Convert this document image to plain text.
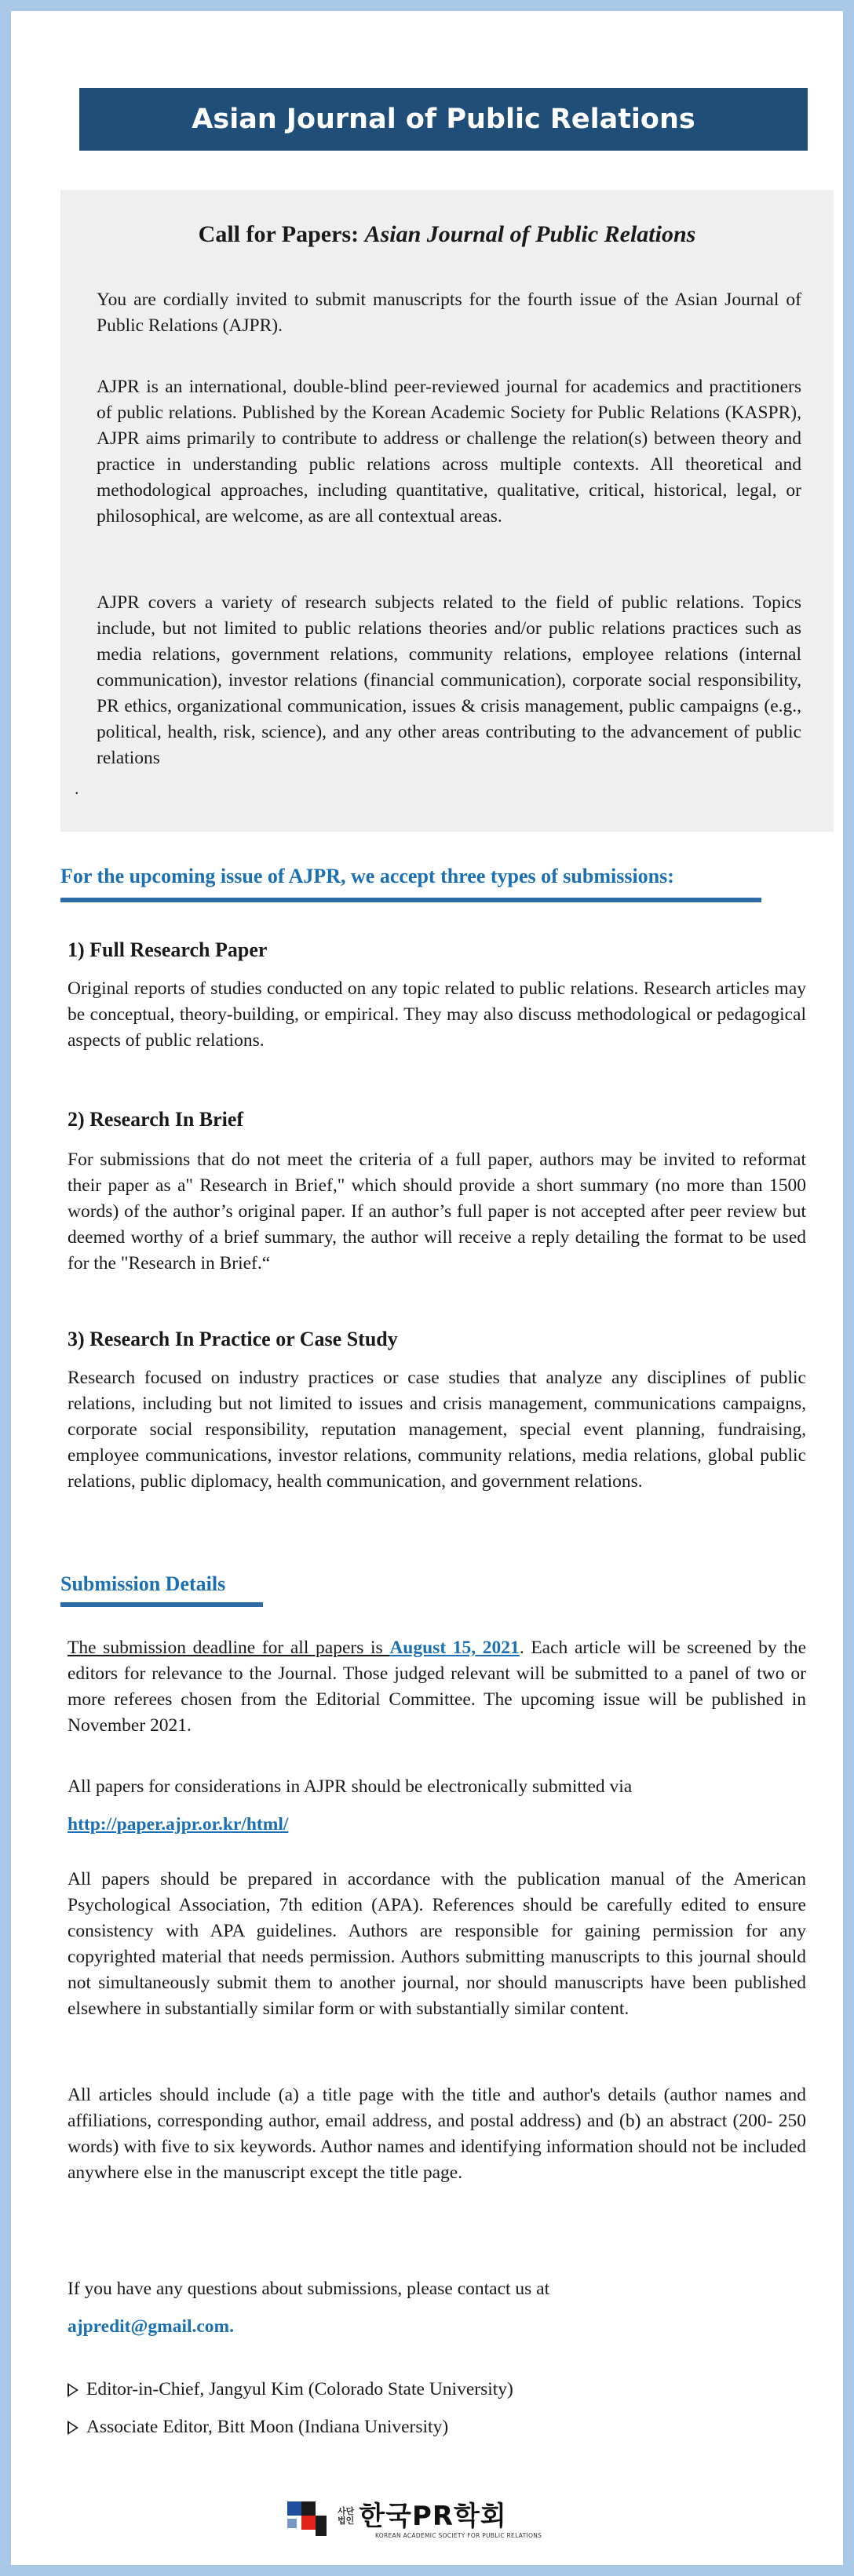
Asian Journal of Public Relations
Call for Papers: Asian Journal of Public Relations

You are cordially invited to submit manuscripts for the fourth issue of the Asian Journal of Public Relations (AJPR).

AJPR is an international, double-blind peer-reviewed journal for academics and practitioners of public relations. Published by the Korean Academic Society for Public Relations (KASPR), AJPR aims primarily to contribute to address or challenge the relation(s) between theory and practice in understanding public relations across multiple contexts. All theoretical and methodological approaches, including quantitative, qualitative, critical, historical, legal, or philosophical, are welcome, as are all contextual areas.

AJPR covers a variety of research subjects related to the field of public relations. Topics include, but not limited to public relations theories and/or public relations practices such as media relations, government relations, community relations, employee relations (internal communication), investor relations (financial communication), corporate social responsibility, PR ethics, organizational communication, issues & crisis management, public campaigns (e.g., political, health, risk, science), and any other areas contributing to the advancement of public relations

.
For the upcoming issue of AJPR, we accept three types of submissions:
1) Full Research Paper

Original reports of studies conducted on any topic related to public relations. Research articles may be conceptual, theory-building, or empirical. They may also discuss methodological or pedagogical aspects of public relations.

2) Research In Brief

For submissions that do not meet the criteria of a full paper, authors may be invited to reformat their paper as a" Research in Brief," which should provide a short summary (no more than 1500 words) of the author’s original paper. If an author’s full paper is not accepted after peer review but deemed worthy of a brief summary, the author will receive a reply detailing the format to be used for the "Research in Brief.“

3) Research In Practice or Case Study

Research focused on industry practices or case studies that analyze any disciplines of public relations, including but not limited to issues and crisis management, communications campaigns, corporate social responsibility, reputation management, special event planning, fundraising, employee communications, investor relations, community relations, media relations, global public relations, public diplomacy, health communication, and government relations.

Submission Details

The submission deadline for all papers is August 15, 2021. Each article will be screened by the editors for relevance to the Journal. Those judged relevant will be submitted to a panel of two or more referees chosen from the Editorial Committee. The upcoming issue will be published in November 2021.

All papers for considerations in AJPR should be electronically submitted via
http://paper.ajpr.or.kr/html/

All papers should be prepared in accordance with the publication manual of the American Psychological Association, 7th edition (APA). References should be carefully edited to ensure consistency with APA guidelines. Authors are responsible for gaining permission for any copyrighted material that needs permission. Authors submitting manuscripts to this journal should not simultaneously submit them to another journal, nor should manuscripts have been published elsewhere in substantially similar form or with substantially similar content.

All articles should include (a) a title page with the title and author's details (author names and affiliations, corresponding author, email address, and postal address) and (b) an abstract (200- 250 words) with five to six keywords. Author names and identifying information should not be included anywhere else in the manuscript except the title page.

If you have any questions about submissions, please contact us at
ajpredit@gmail.com.
Editor-in-Chief, Jangyul Kim (Colorado State University)
Associate Editor, Bitt Moon (Indiana University)
사단
법인 한국PR학회
KOREAN ACADEMIC SOCIETY FOR PUBLIC RELATIONS
